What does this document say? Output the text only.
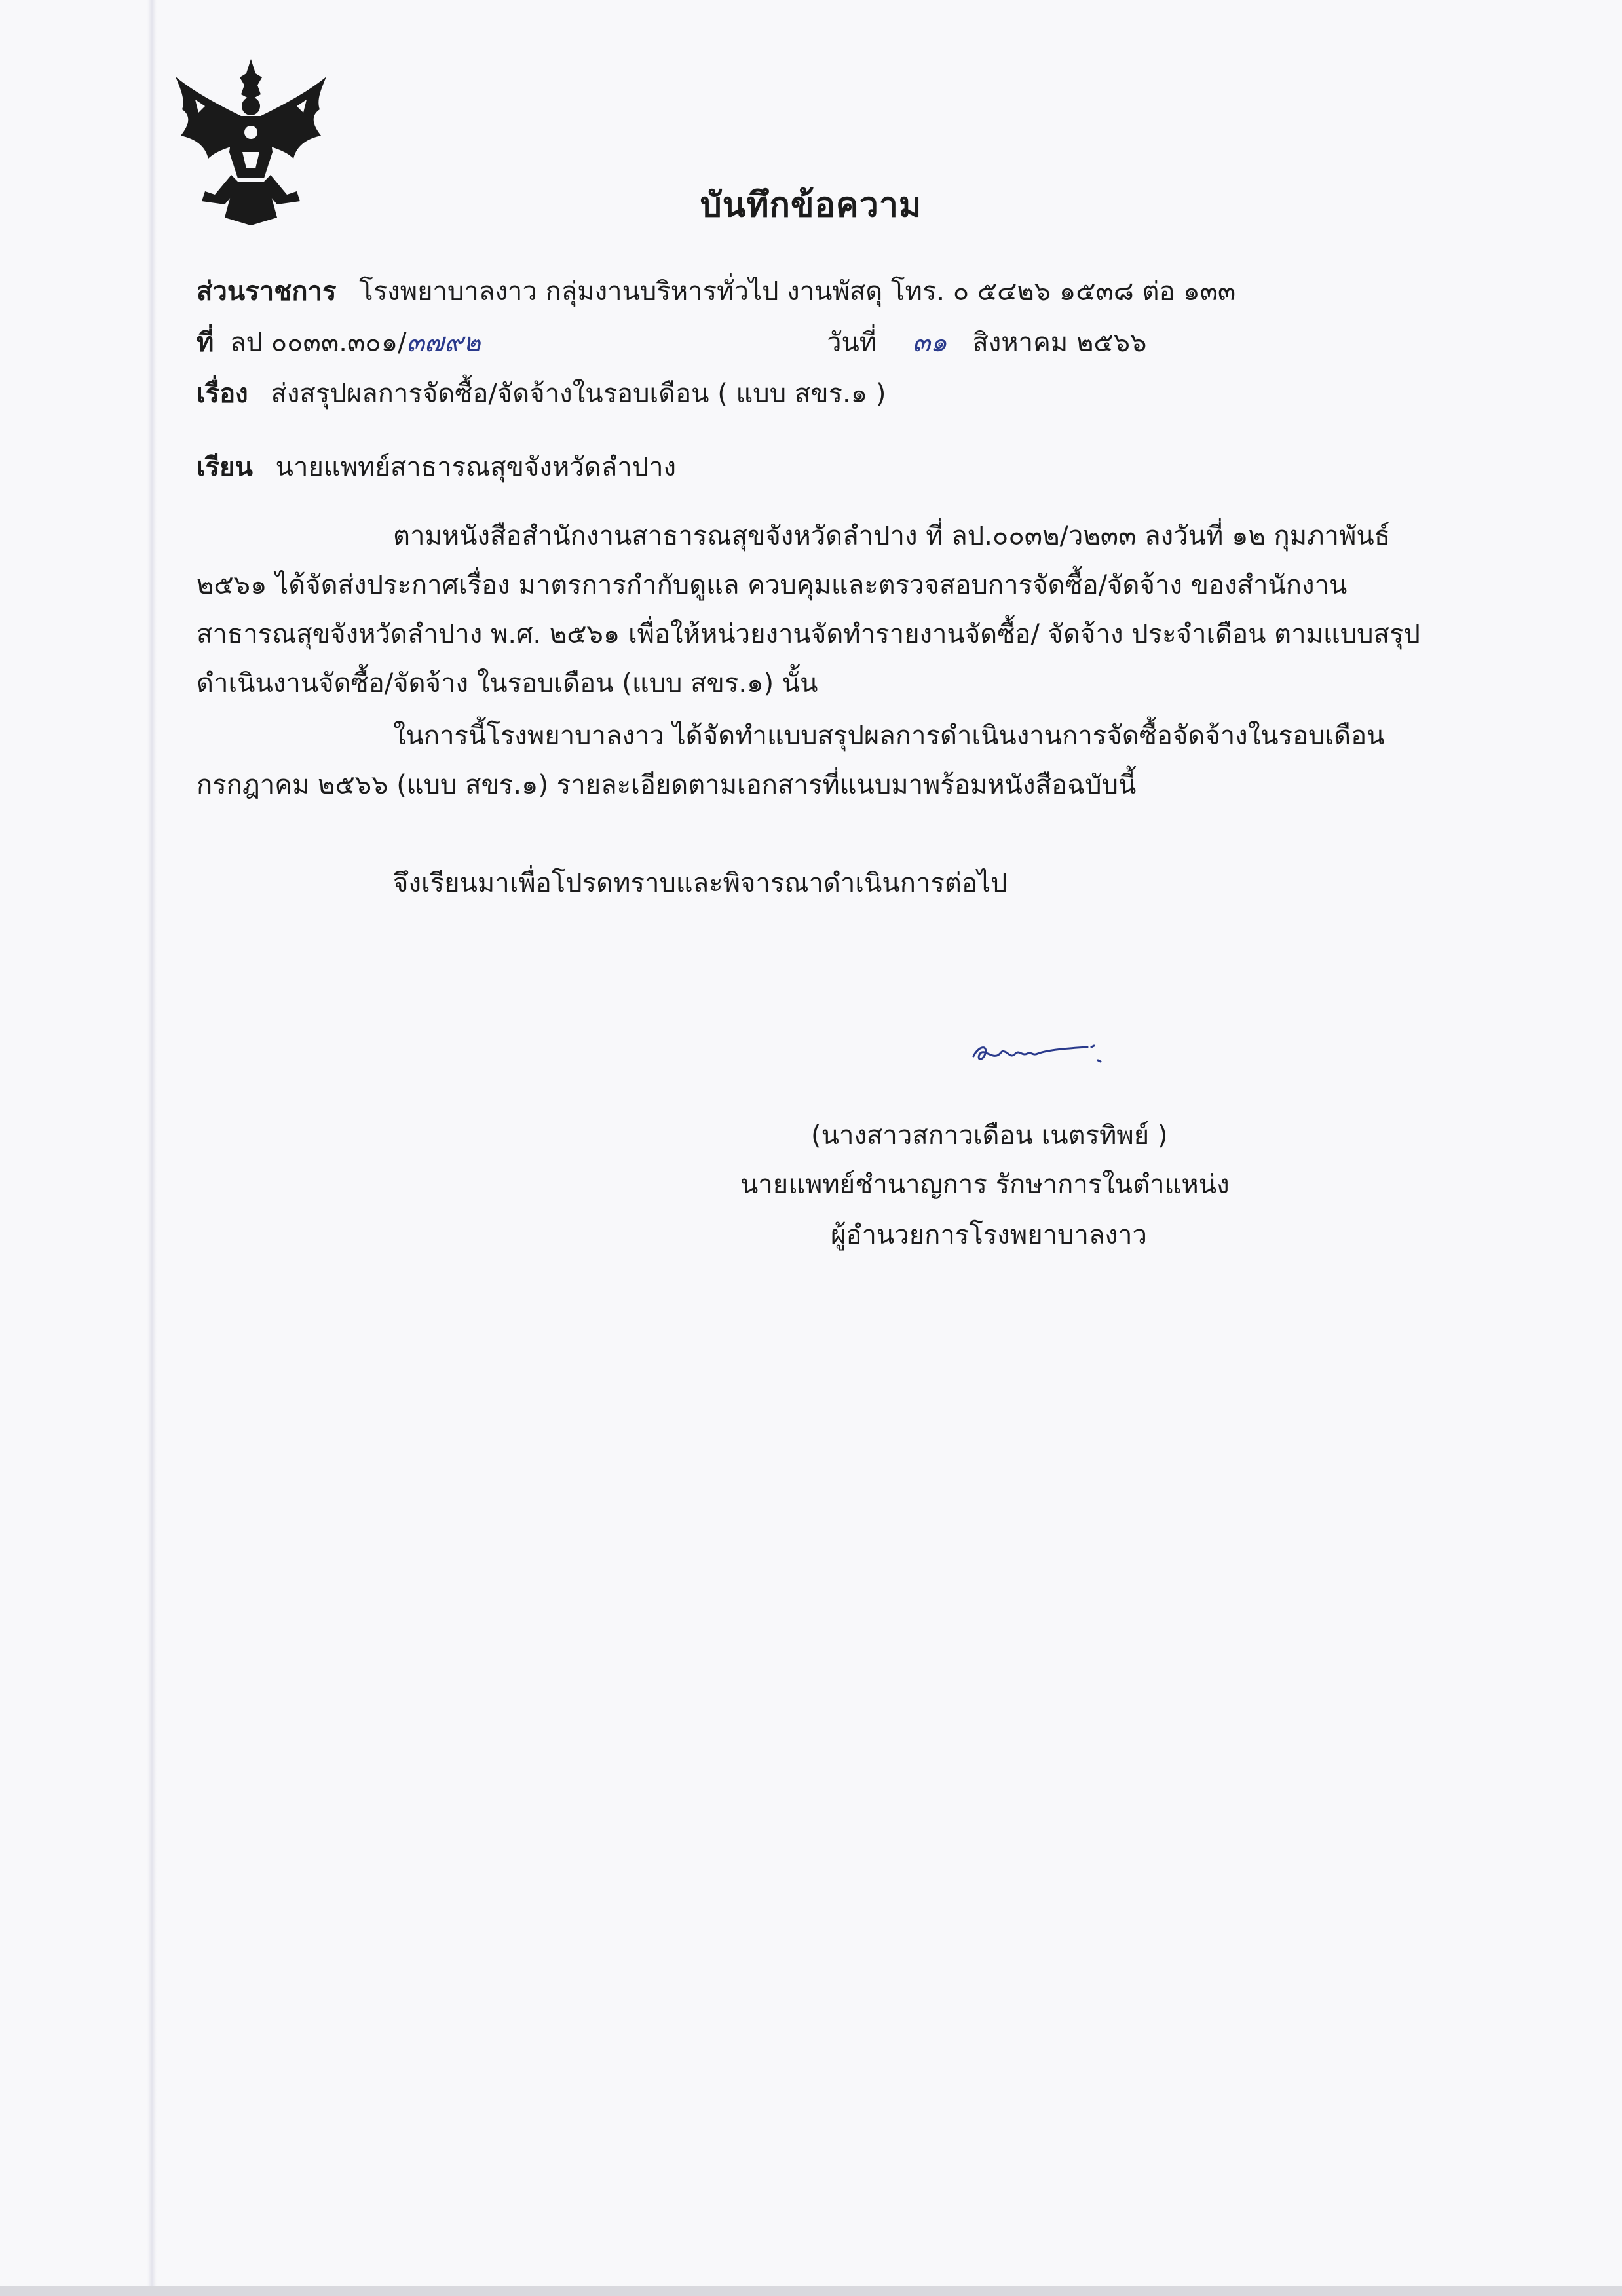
บันทึกข้อความ
ส่วนราชการ โรงพยาบาลงาว กลุ่มงานบริหารทั่วไป งานพัสดุ โทร. ๐ ๕๔๒๖ ๑๕๓๘ ต่อ ๑๓๓
ที่ ลป ๐๐๓๓.๓๐๑/๓๗๙๒	วันที่ ๓๑ สิงหาคม ๒๕๖๖
เรื่อง ส่งสรุปผลการจัดซื้อ/จัดจ้างในรอบเดือน ( แบบ สขร.๑ )
เรียน นายแพทย์สาธารณสุขจังหวัดลำปาง
ตามหนังสือสำนักงานสาธารณสุขจังหวัดลำปาง ที่ ลป.๐๐๓๒/ว๒๓๓ ลงวันที่ ๑๒ กุมภาพันธ์
๒๕๖๑ ได้จัดส่งประกาศเรื่อง มาตรการกำกับดูแล ควบคุมและตรวจสอบการจัดซื้อ/จัดจ้าง ของสำนักงาน
สาธารณสุขจังหวัดลำปาง พ.ศ. ๒๕๖๑ เพื่อให้หน่วยงานจัดทำรายงานจัดซื้อ/ จัดจ้าง ประจำเดือน ตามแบบสรุป
ดำเนินงานจัดซื้อ/จัดจ้าง ในรอบเดือน (แบบ สขร.๑) นั้น
ในการนี้โรงพยาบาลงาว ได้จัดทำแบบสรุปผลการดำเนินงานการจัดซื้อจัดจ้างในรอบเดือน
กรกฎาคม ๒๕๖๖ (แบบ สขร.๑) รายละเอียดตามเอกสารที่แนบมาพร้อมหนังสือฉบับนี้
จึงเรียนมาเพื่อโปรดทราบและพิจารณาดำเนินการต่อไป
(นางสาวสกาวเดือน เนตรทิพย์ )
นายแพทย์ชำนาญการ รักษาการในตำแหน่ง
ผู้อำนวยการโรงพยาบาลงาว
